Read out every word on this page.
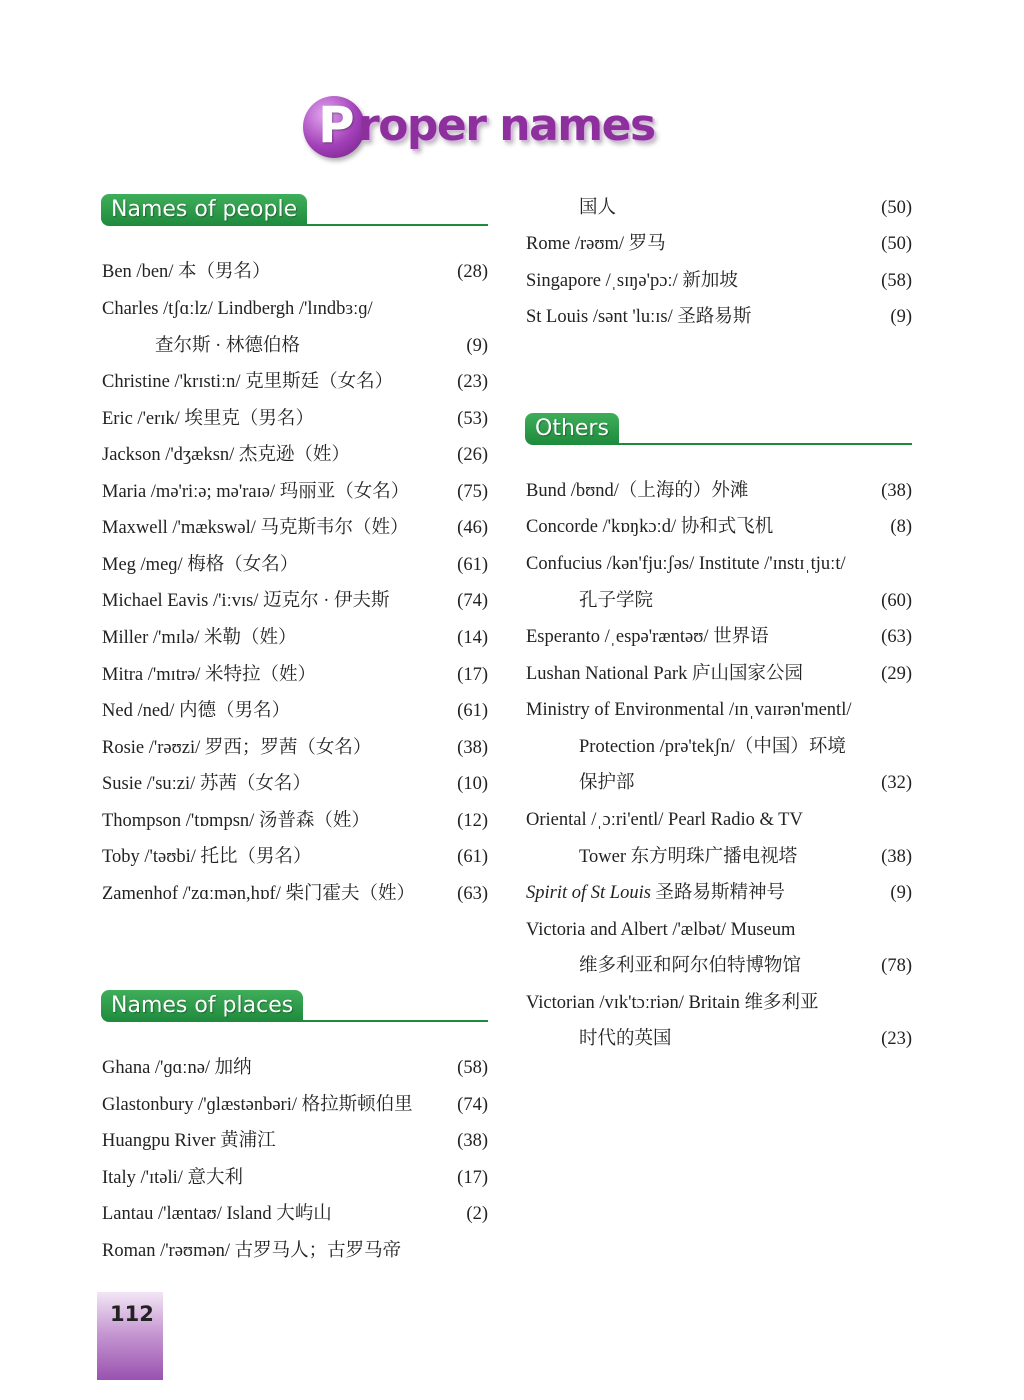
P roper names
Names of people
Ben /ben/ 本（男名）	(28)
Charles /tʃɑːlz/ Lindbergh /'lɪndbɜːɡ/
查尔斯 · 林德伯格	(9)
Christine /'krɪstiːn/ 克里斯廷（女名）	(23)
Eric /'erɪk/ 埃里克（男名）	(53)
Jackson /'dʒæksn/ 杰克逊（姓）	(26)
Maria /mə'riːə; mə'raɪə/ 玛丽亚（女名）	(75)
Maxwell /'mækswəl/ 马克斯韦尔（姓）	(46)
Meg /meɡ/ 梅格（女名）	(61)
Michael Eavis /'iːvɪs/ 迈克尔 · 伊夫斯	(74)
Miller /'mɪlə/ 米勒（姓）	(14)
Mitra /'mɪtrə/ 米特拉（姓）	(17)
Ned /ned/ 内德（男名）	(61)
Rosie /'rəʊzi/ 罗西；罗茜（女名）	(38)
Susie /'suːzi/ 苏茜（女名）	(10)
Thompson /'tɒmpsn/ 汤普森（姓）	(12)
Toby /'təʊbi/ 托比（男名）	(61)
Zamenhof /'zɑːmən,hɒf/ 柴门霍夫（姓） (63)
Names of places
Ghana /'ɡɑːnə/ 加纳	(58)
Glastonbury /'ɡlæstənbəri/ 格拉斯顿伯里 (74)
Huangpu River 黄浦江	(38)
Italy /'ɪtəli/ 意大利	(17)
Lantau /'læntaʊ/ Island 大屿山	(2)
Roman /'rəʊmən/ 古罗马人；古罗马帝
国人	(50)
Rome /rəʊm/ 罗马	(50)
Singapore /ˌsɪŋə'pɔː/ 新加坡	(58)
St Louis /sənt 'luːɪs/ 圣路易斯	(9)
Others
Bund /bʊnd/（上海的）外滩	(38)
Concorde /'kɒŋkɔːd/ 协和式飞机	(8)
Confucius /kən'fjuːʃəs/ Institute /'ɪnstɪˌtjuːt/
孔子学院	(60)
Esperanto /ˌespə'ræntəʊ/ 世界语	(63)
Lushan National Park 庐山国家公园	(29)
Ministry of Environmental /ɪnˌvaɪrən'mentl/
Protection /prə'tekʃn/（中国）环境
保护部	(32)
Oriental /ˌɔːri'entl/ Pearl Radio & TV
Tower 东方明珠广播电视塔	(38)
Spirit of St Louis 圣路易斯精神号	(9)
Victoria and Albert /'ælbət/ Museum
维多利亚和阿尔伯特博物馆	(78)
Victorian /vɪk'tɔːriən/ Britain 维多利亚
时代的英国	(23)
112
